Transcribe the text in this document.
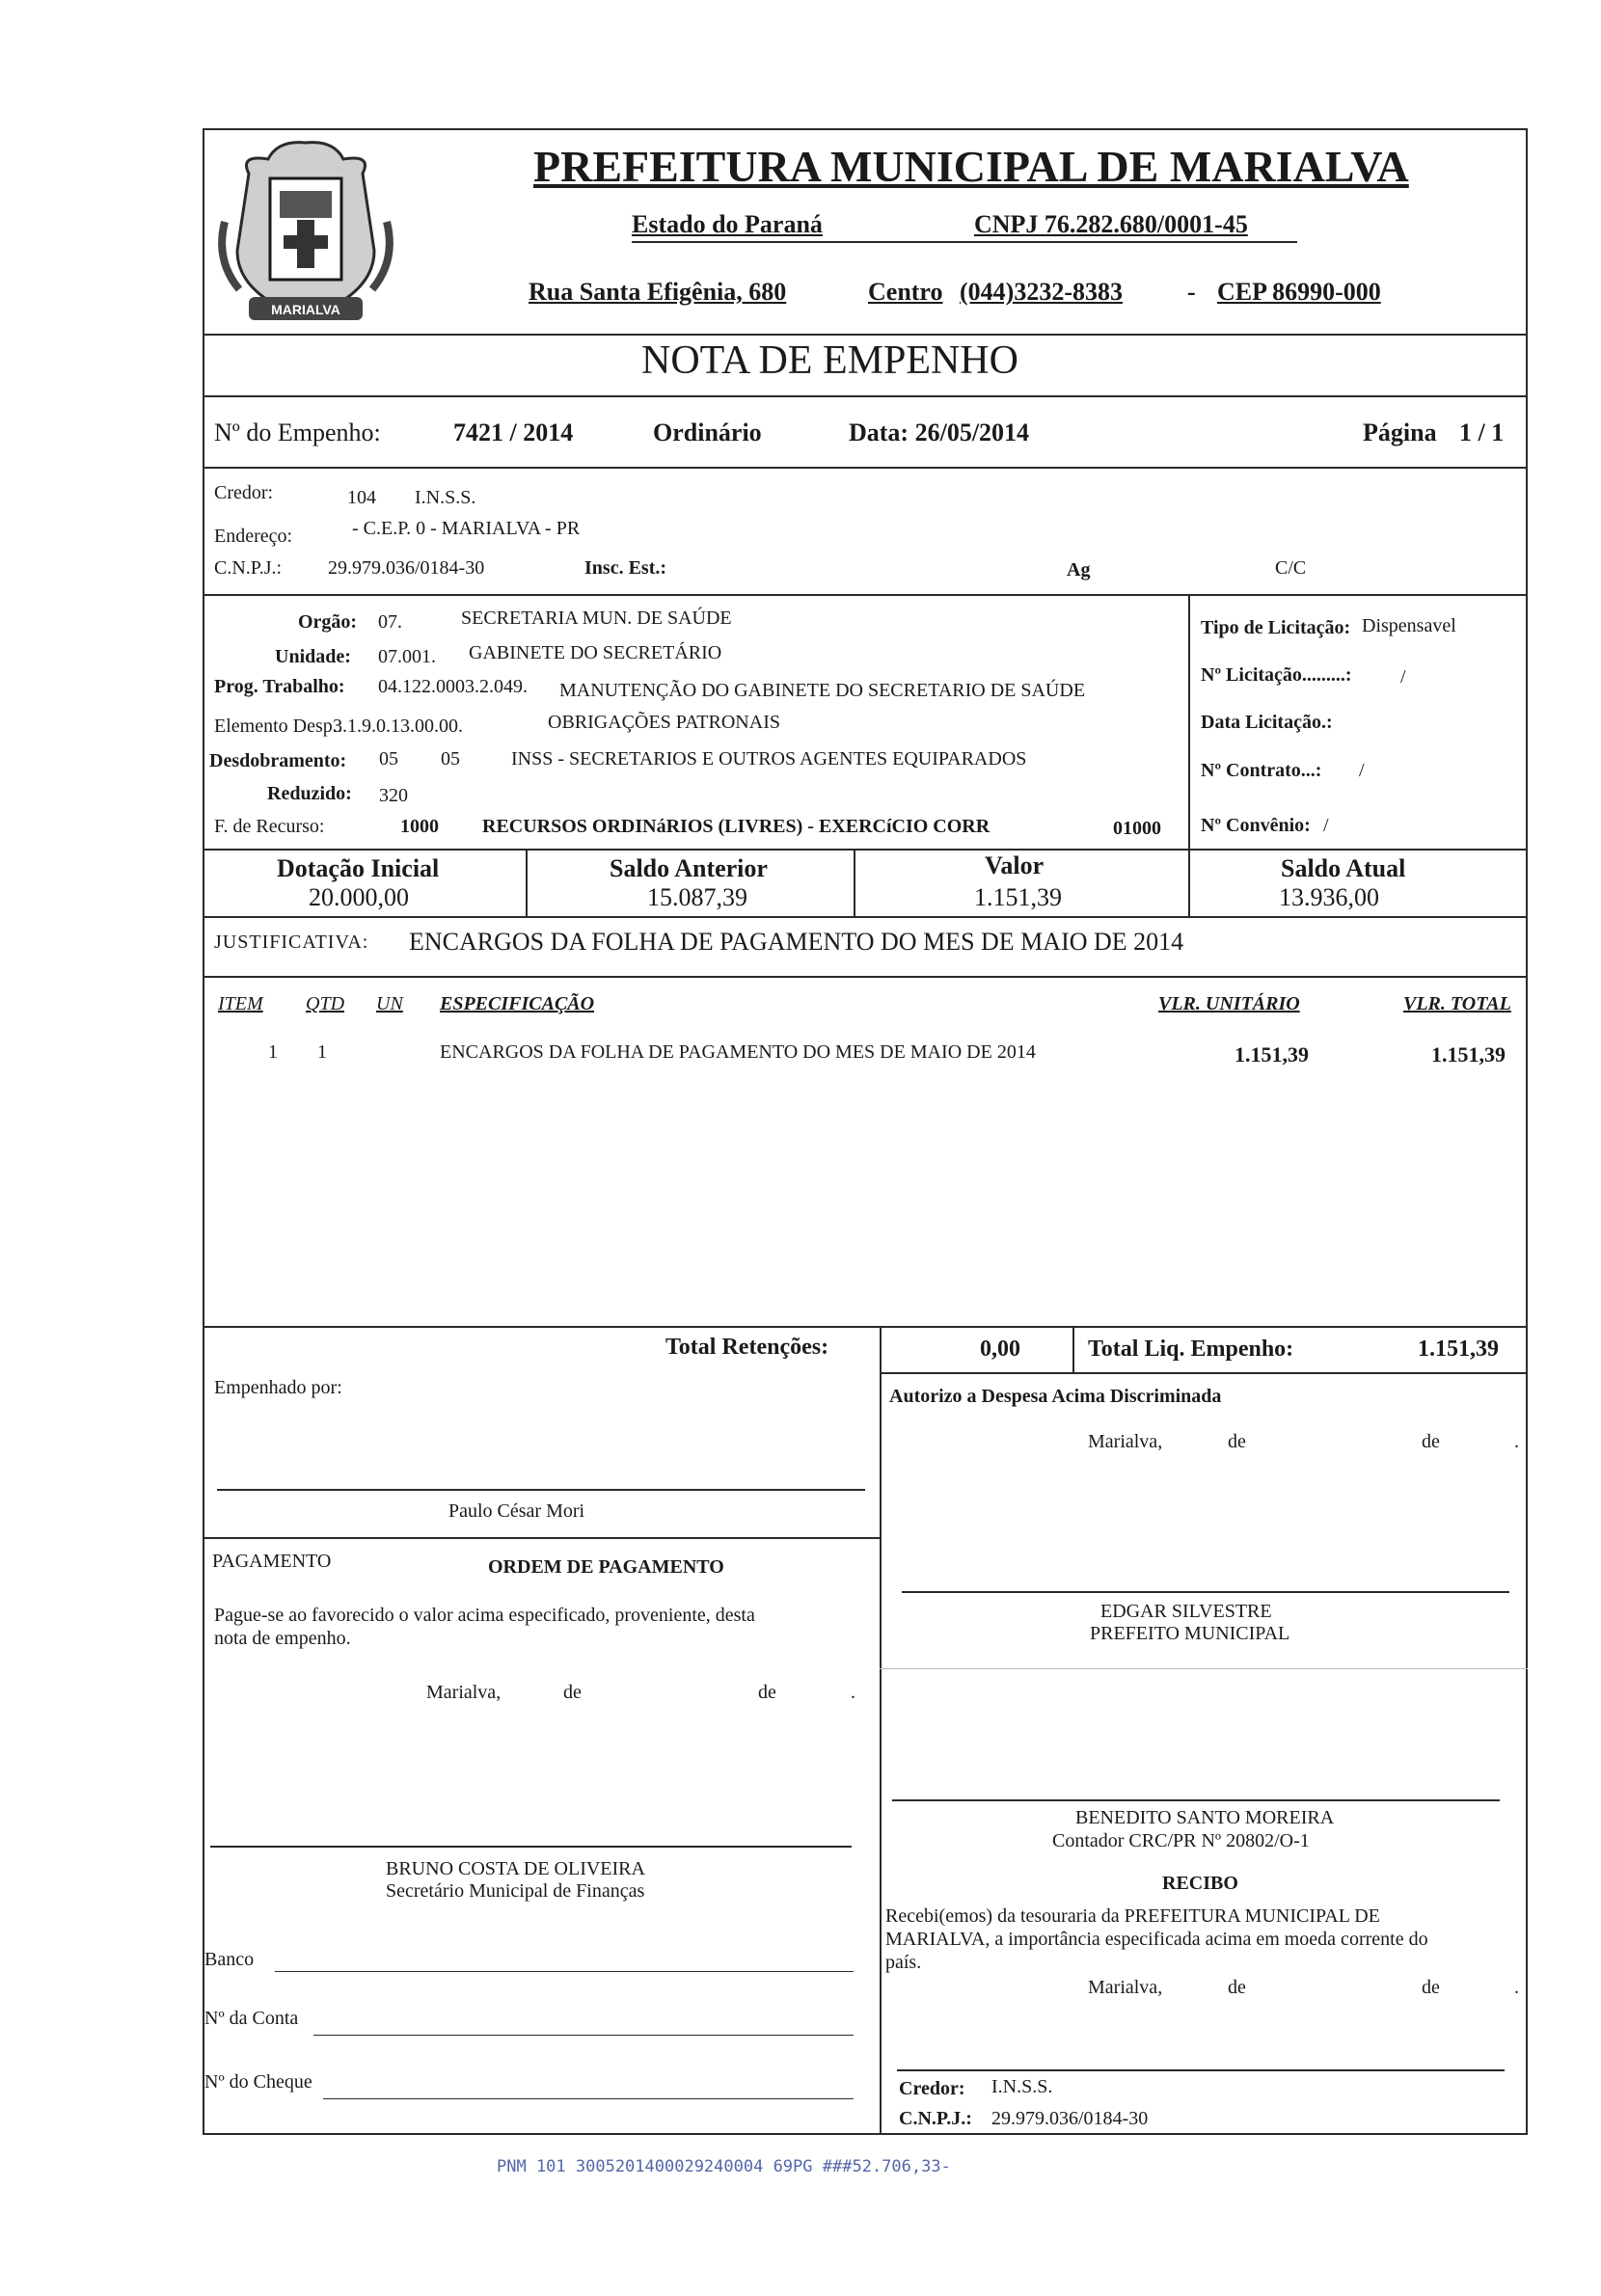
MARIALVA
PREFEITURA MUNICIPAL DE MARIALVA
Estado do Paraná	CNPJ 76.282.680/0001-45
Rua Santa Efigênia, 680	Centro (044)3232-8383	- CEP 86990-000
NOTA DE EMPENHO
Nº do Empenho:	7421 / 2014	Ordinário	Data: 26/05/2014	Página 1 / 1
Credor:	104 I.N.S.S.
Endereço:	- C.E.P. 0 - MARIALVA - PR
C.N.P.J.: 29.979.036/0184-30	Insc. Est.:	Ag	C/C
Orgão: 07.	SECRETARIA MUN. DE SAÚDE
Unidade: 07.001. GABINETE DO SECRETÁRIO
Prog. Trabalho: 04.122.0003.2.049. MANUTENÇÃO DO GABINETE DO SECRETARIO DE SAÚDE
Elemento Desp.:
3.1.9.0.13.00.00.	OBRIGAÇÕES PATRONAIS
Desdobramento: 05 05	INSS - SECRETARIOS E OUTROS AGENTES EQUIPARADOS
Reduzido: 320
F. de Recurso:	1000 RECURSOS ORDINáRIOS (LIVRES) - EXERCíCIO CORR	01000
Tipo de Licitação: Dispensavel
Nº Licitação.........:	/
Data Licitação.:
Nº Contrato...: /
Nº Convênio: /
Dotação Inicial
20.000,00
Saldo Anterior
15.087,39
Valor
1.151,39
Saldo Atual
13.936,00
JUSTIFICATIVA: ENCARGOS DA FOLHA DE PAGAMENTO DO MES DE MAIO DE 2014
ITEM QTD UN ESPECIFICAÇÃO	VLR. UNITÁRIO	VLR. TOTAL
1 1	ENCARGOS DA FOLHA DE PAGAMENTO DO MES DE MAIO DE 2014	1.151,39	1.151,39
Total Retenções:	0,00	Total Liq. Empenho:	1.151,39
Empenhado por:	Autorizo a Despesa Acima Discriminada
Marialva,	de	de	.
Paulo César Mori
PAGAMENTO	ORDEM DE PAGAMENTO
Pague-se ao favorecido o valor acima especificado, proveniente, desta
nota de empenho.
Marialva,	de	de	.
EDGAR SILVESTRE
PREFEITO MUNICIPAL
BENEDITO SANTO MOREIRA
Contador CRC/PR Nº 20802/O-1
BRUNO COSTA DE OLIVEIRA
Secretário Municipal de Finanças	RECIBO
Recebi(emos) da tesouraria da PREFEITURA MUNICIPAL DE
MARIALVA, a importância especificada acima em moeda corrente do
país.
Marialva,	de	de	.
Credor: I.N.S.S.
C.N.P.J.: 29.979.036/0184-30
Banco
Nº da Conta
Nº do Cheque
PNM 101 3005201400029240004 69PG ###52.706,33-
